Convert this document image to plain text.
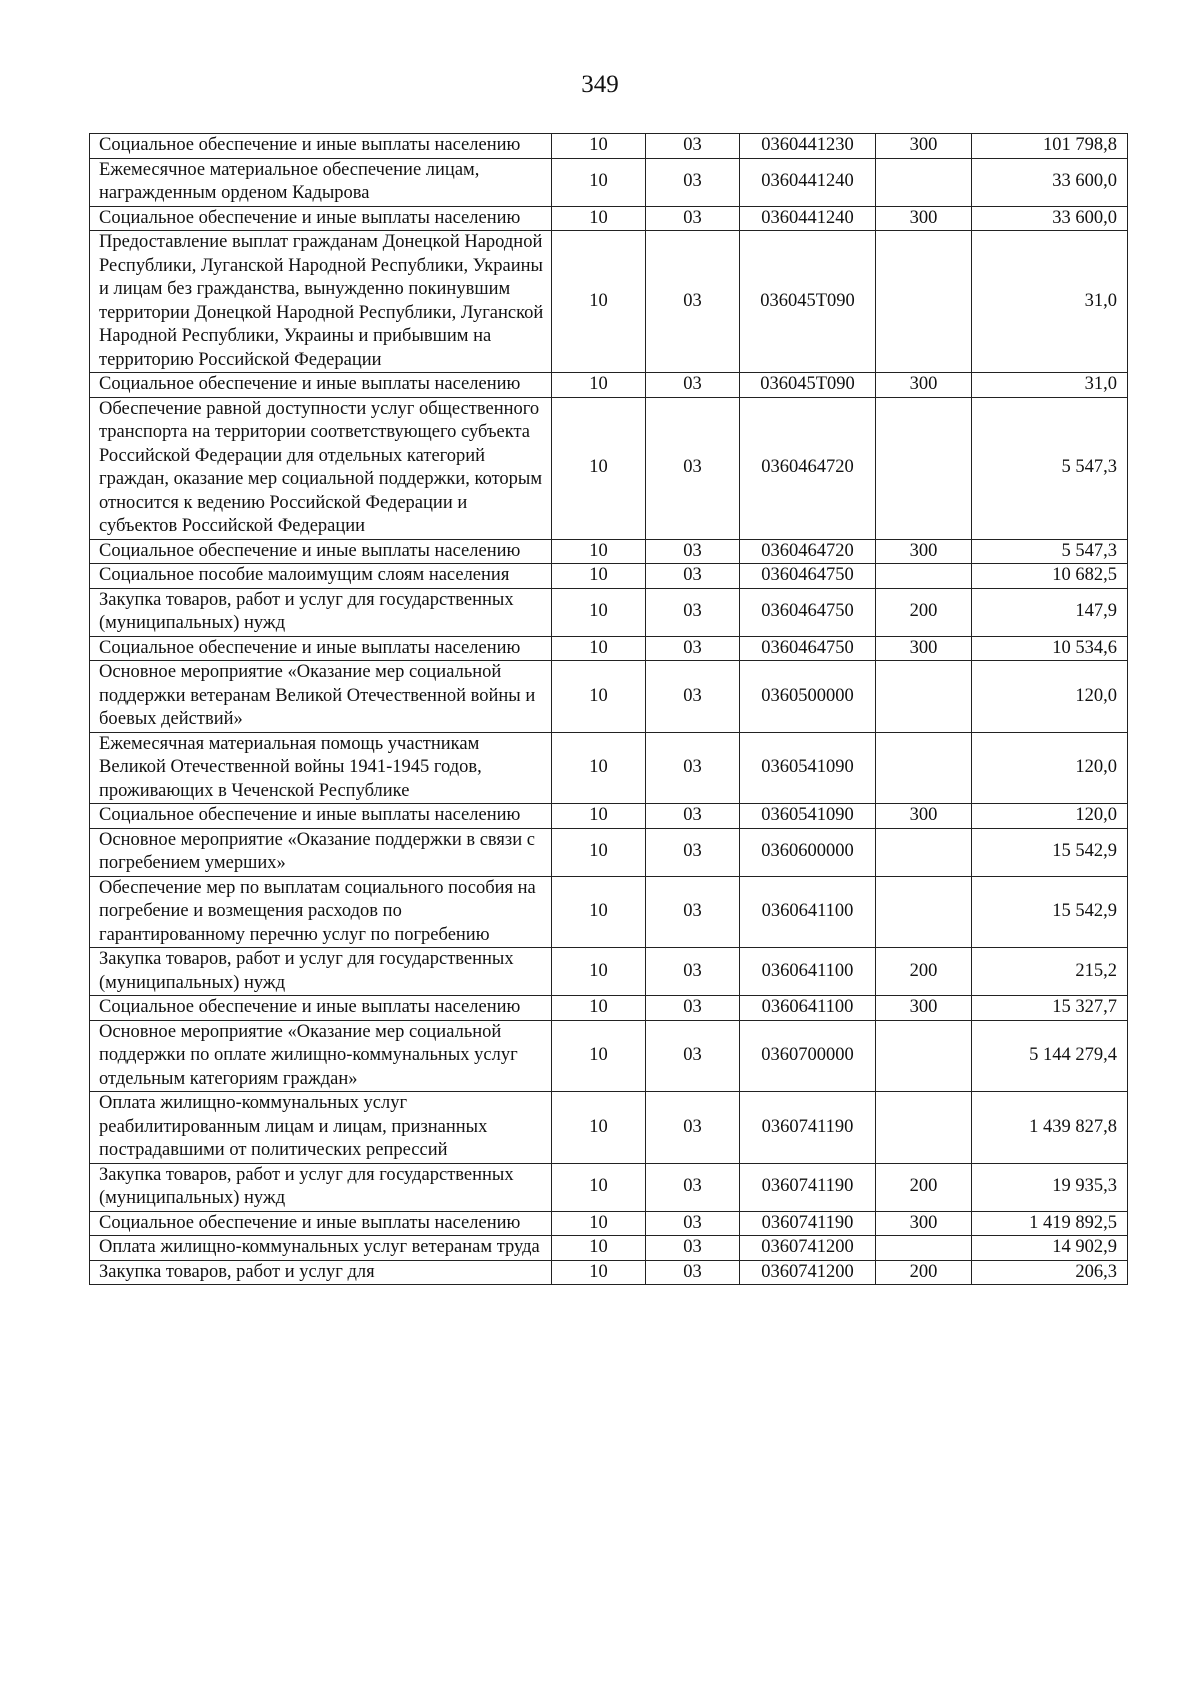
349
Социальное обеспечение и иные выплаты населению	10	03	0360441230	300	101 798,8
Ежемесячное материальное обеспечение лицам, награжденным орденом Кадырова	10	03	0360441240		33 600,0
Социальное обеспечение и иные выплаты населению	10	03	0360441240	300	33 600,0
Предоставление выплат гражданам Донецкой Народной Республики, Луганской Народной Республики, Украины и лицам без гражданства, вынужденно покинувшим территории Донецкой Народной Республики, Луганской Народной Республики, Украины и прибывшим на территорию Российской Федерации	10	03	036045Т090		31,0
Социальное обеспечение и иные выплаты населению	10	03	036045Т090	300	31,0
Обеспечение равной доступности услуг общественного транспорта на территории соответствующего субъекта Российской Федерации для отдельных категорий граждан, оказание мер социальной поддержки, которым относится к ведению Российской Федерации и субъектов Российской Федерации	10	03	0360464720		5 547,3
Социальное обеспечение и иные выплаты населению	10	03	0360464720	300	5 547,3
Социальное пособие малоимущим слоям населения	10	03	0360464750		10 682,5
Закупка товаров, работ и услуг для государственных (муниципальных) нужд	10	03	0360464750	200	147,9
Социальное обеспечение и иные выплаты населению	10	03	0360464750	300	10 534,6
Основное мероприятие «Оказание мер социальной поддержки ветеранам Великой Отечественной войны и боевых действий»	10	03	0360500000		120,0
Ежемесячная материальная помощь участникам Великой Отечественной войны 1941-1945 годов, проживающих в Чеченской Республике	10	03	0360541090		120,0
Социальное обеспечение и иные выплаты населению	10	03	0360541090	300	120,0
Основное мероприятие «Оказание поддержки в связи с погребением умерших»	10	03	0360600000		15 542,9
Обеспечение мер по выплатам социального пособия на погребение и возмещения расходов по гарантированному перечню услуг по погребению	10	03	0360641100		15 542,9
Закупка товаров, работ и услуг для государственных (муниципальных) нужд	10	03	0360641100	200	215,2
Социальное обеспечение и иные выплаты населению	10	03	0360641100	300	15 327,7
Основное мероприятие «Оказание мер социальной поддержки по оплате жилищно-коммунальных услуг отдельным категориям граждан»	10	03	0360700000		5 144 279,4
Оплата жилищно-коммунальных услуг реабилитированным лицам и лицам, признанных пострадавшими от политических репрессий	10	03	0360741190		1 439 827,8
Закупка товаров, работ и услуг для государственных (муниципальных) нужд	10	03	0360741190	200	19 935,3
Социальное обеспечение и иные выплаты населению	10	03	0360741190	300	1 419 892,5
Оплата жилищно-коммунальных услуг ветеранам труда	10	03	0360741200		14 902,9
Закупка товаров, работ и услуг для	10	03	0360741200	200	206,3
